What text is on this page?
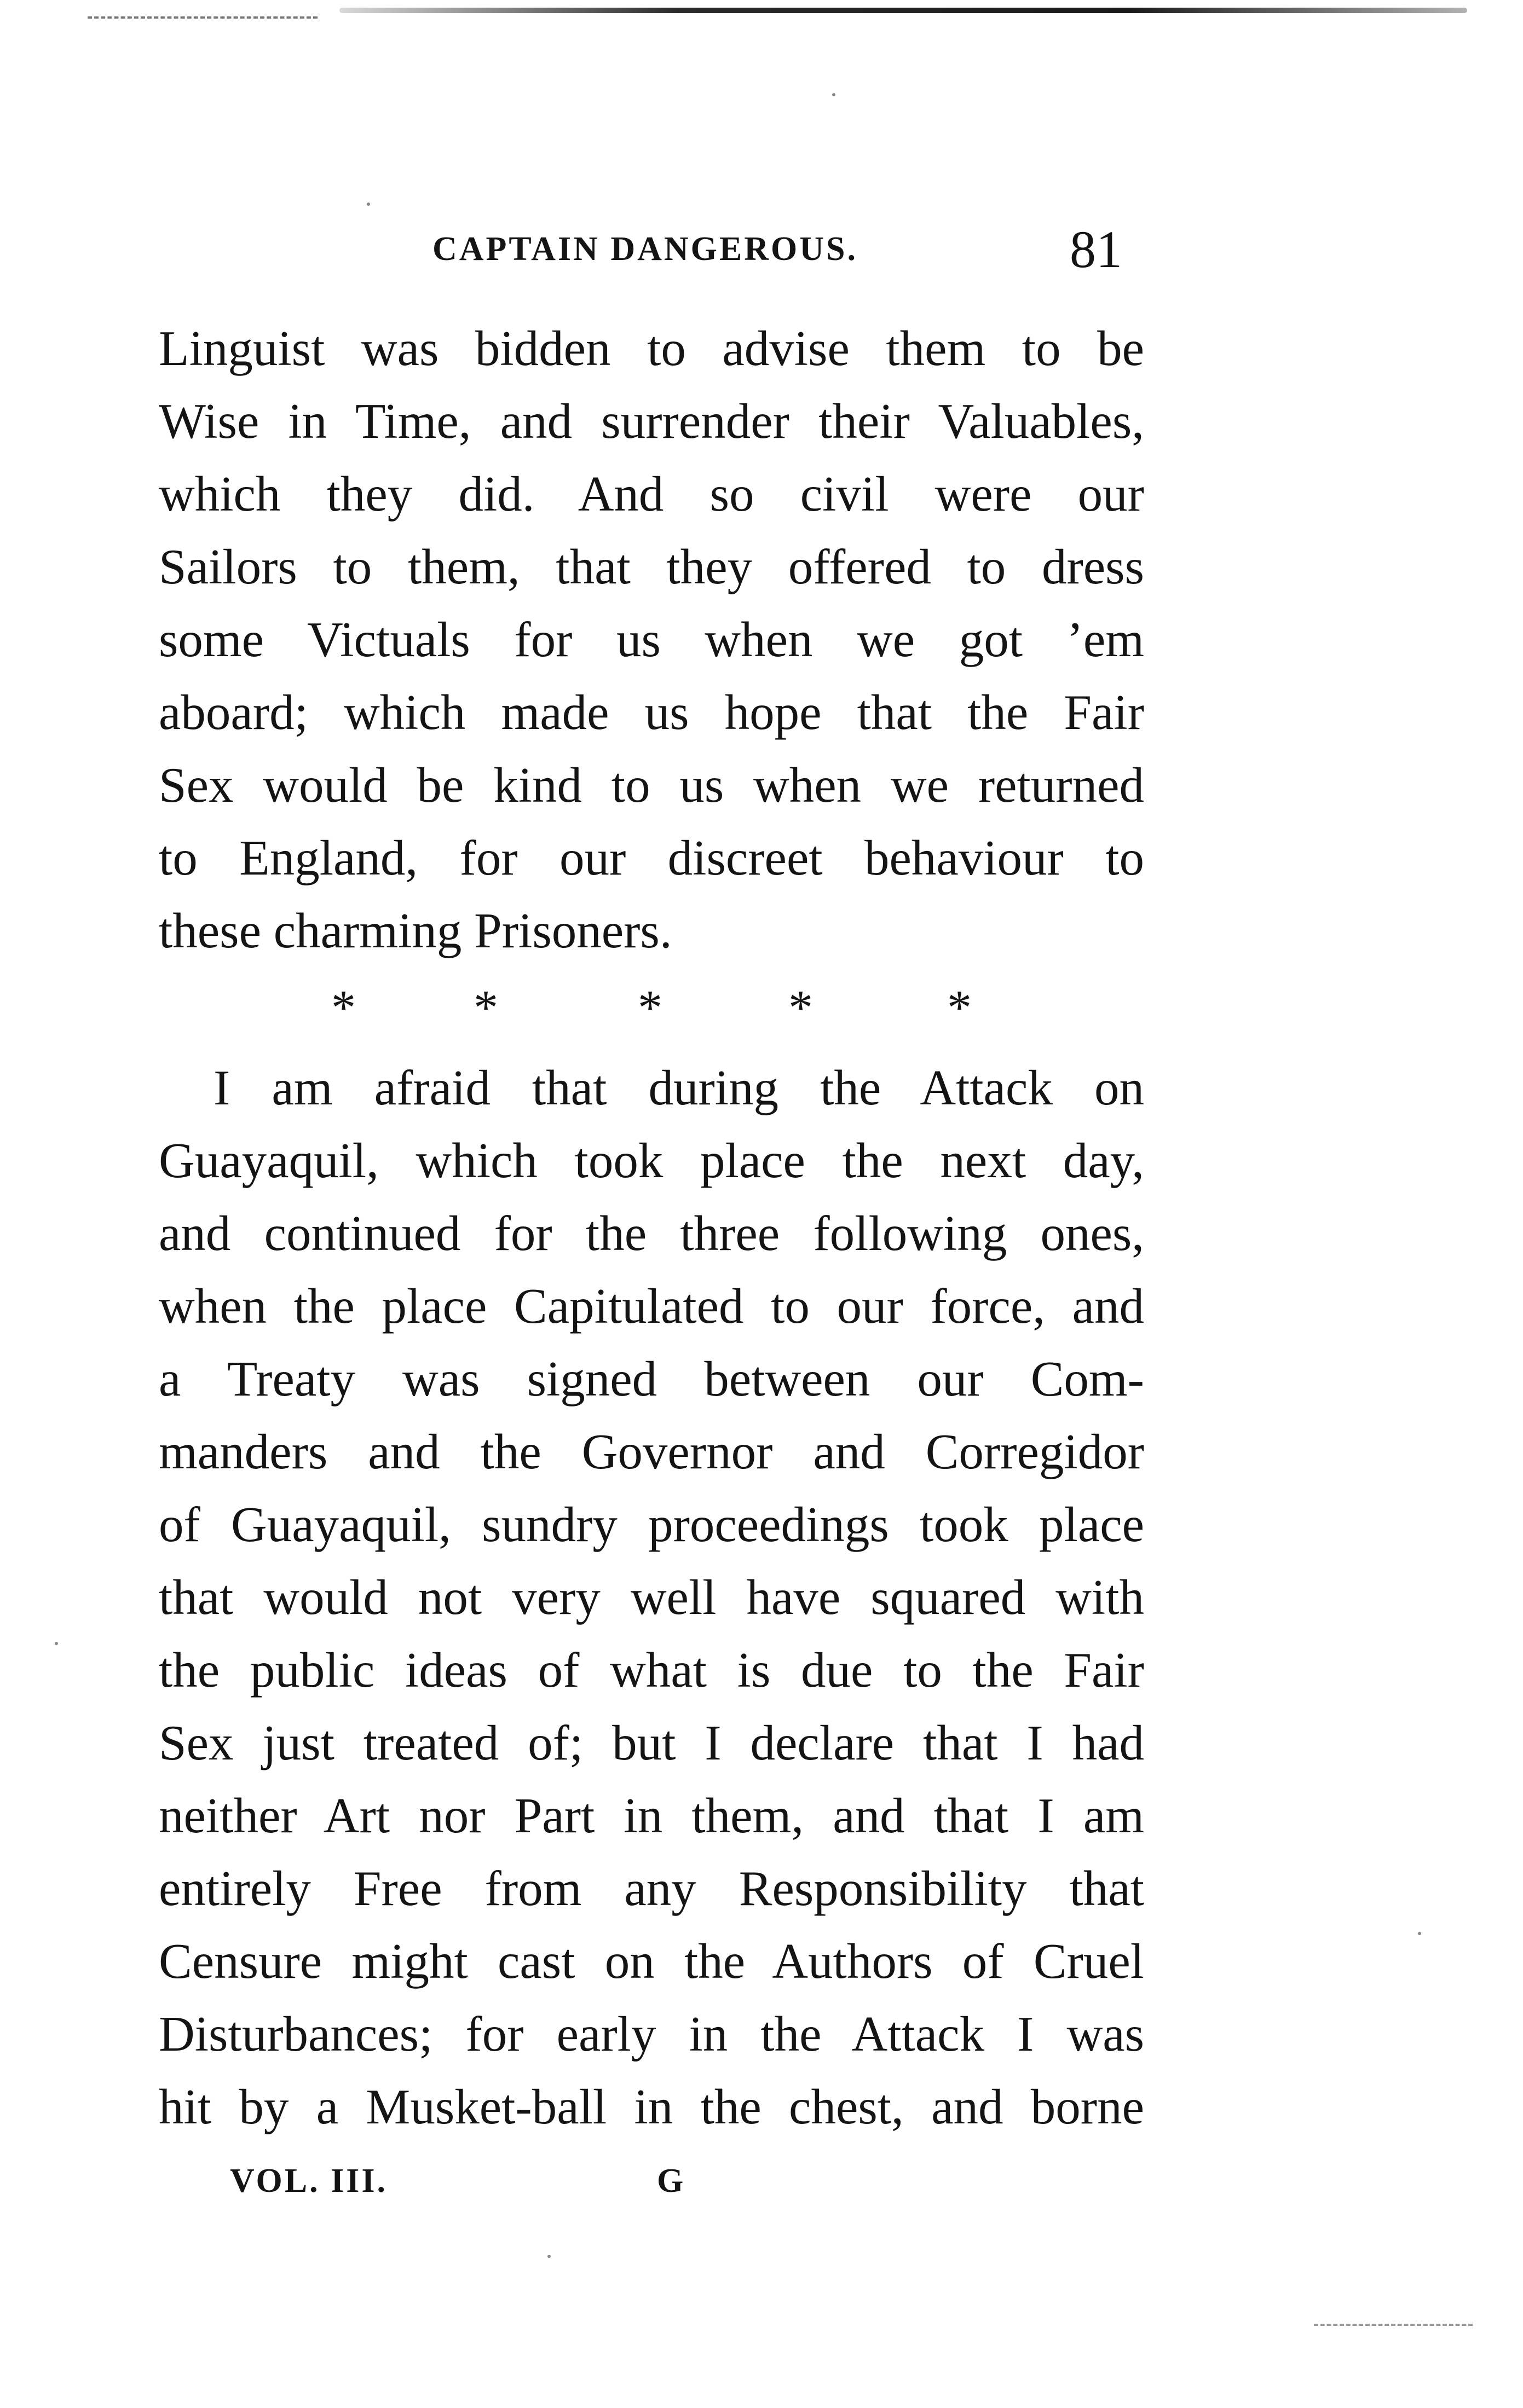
CAPTAIN DANGEROUS.	81
Linguist was bidden to advise them to be
Wise in Time, and surrender their Valuables,
which they did. And so civil were our
Sailors to them, that they offered to dress
some Victuals for us when we got ’em
aboard; which made us hope that the Fair
Sex would be kind to us when we returned
to England, for our discreet behaviour to
these charming Prisoners.
* *	*	*	*
I am afraid that during the Attack on
Guayaquil, which took place the next day,
and continued for the three following ones,
when the place Capitulated to our force, and
a Treaty was signed between our Com-
manders and the Governor and Corregidor
of Guayaquil, sundry proceedings took place
that would not very well have squared with
the public ideas of what is due to the Fair
Sex just treated of; but I declare that I had
neither Art nor Part in them, and that I am
entirely Free from any Responsibility that
Censure might cast on the Authors of Cruel
Disturbances; for early in the Attack I was
hit by a Musket-ball in the chest, and borne
VOL. III.	G
